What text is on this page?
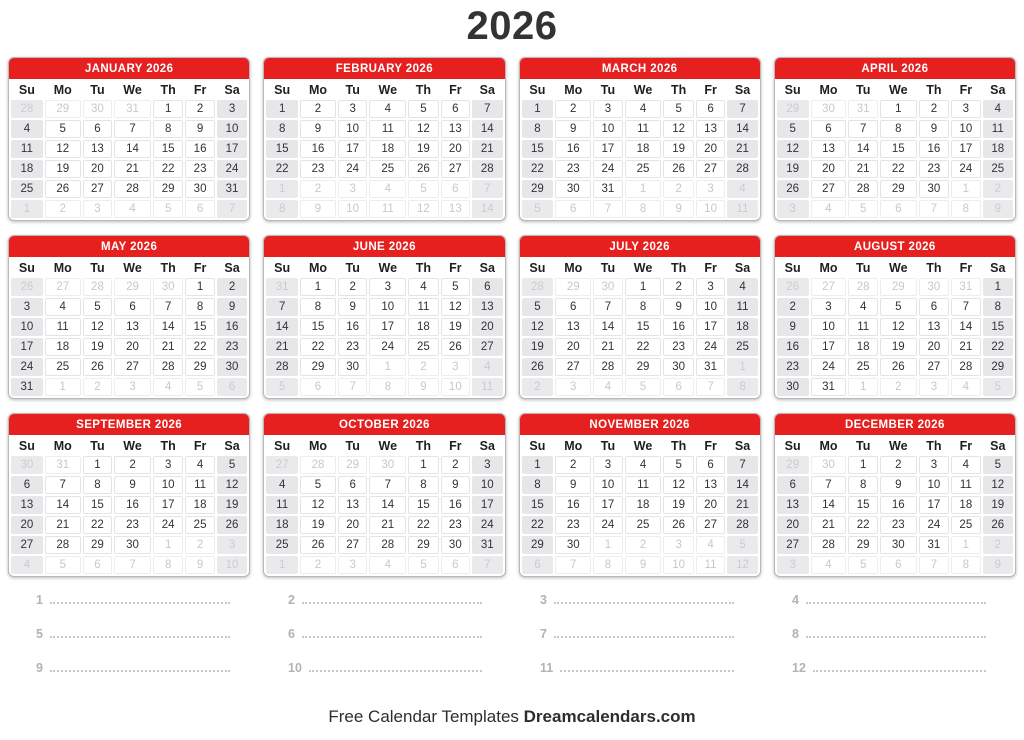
2026
JANUARY 2026
Su	Mo	Tu	We	Th	Fr	Sa
28	29	30	31	1	2	3
4	5	6	7	8	9	10
11	12	13	14	15	16	17
18	19	20	21	22	23	24
25	26	27	28	29	30	31
1	2	3	4	5	6	7
FEBRUARY 2026
Su	Mo	Tu	We	Th	Fr	Sa
1	2	3	4	5	6	7
8	9	10	11	12	13	14
15	16	17	18	19	20	21
22	23	24	25	26	27	28
1	2	3	4	5	6	7
8	9	10	11	12	13	14
MARCH 2026
Su	Mo	Tu	We	Th	Fr	Sa
1	2	3	4	5	6	7
8	9	10	11	12	13	14
15	16	17	18	19	20	21
22	23	24	25	26	27	28
29	30	31	1	2	3	4
5	6	7	8	9	10	11
APRIL 2026
Su	Mo	Tu	We	Th	Fr	Sa
29	30	31	1	2	3	4
5	6	7	8	9	10	11
12	13	14	15	16	17	18
19	20	21	22	23	24	25
26	27	28	29	30	1	2
3	4	5	6	7	8	9
MAY 2026
Su	Mo	Tu	We	Th	Fr	Sa
26	27	28	29	30	1	2
3	4	5	6	7	8	9
10	11	12	13	14	15	16
17	18	19	20	21	22	23
24	25	26	27	28	29	30
31	1	2	3	4	5	6
JUNE 2026
Su	Mo	Tu	We	Th	Fr	Sa
31	1	2	3	4	5	6
7	8	9	10	11	12	13
14	15	16	17	18	19	20
21	22	23	24	25	26	27
28	29	30	1	2	3	4
5	6	7	8	9	10	11
JULY 2026
Su	Mo	Tu	We	Th	Fr	Sa
28	29	30	1	2	3	4
5	6	7	8	9	10	11
12	13	14	15	16	17	18
19	20	21	22	23	24	25
26	27	28	29	30	31	1
2	3	4	5	6	7	8
AUGUST 2026
Su	Mo	Tu	We	Th	Fr	Sa
26	27	28	29	30	31	1
2	3	4	5	6	7	8
9	10	11	12	13	14	15
16	17	18	19	20	21	22
23	24	25	26	27	28	29
30	31	1	2	3	4	5
SEPTEMBER 2026
Su	Mo	Tu	We	Th	Fr	Sa
30	31	1	2	3	4	5
6	7	8	9	10	11	12
13	14	15	16	17	18	19
20	21	22	23	24	25	26
27	28	29	30	1	2	3
4	5	6	7	8	9	10
OCTOBER 2026
Su	Mo	Tu	We	Th	Fr	Sa
27	28	29	30	1	2	3
4	5	6	7	8	9	10
11	12	13	14	15	16	17
18	19	20	21	22	23	24
25	26	27	28	29	30	31
1	2	3	4	5	6	7
NOVEMBER 2026
Su	Mo	Tu	We	Th	Fr	Sa
1	2	3	4	5	6	7
8	9	10	11	12	13	14
15	16	17	18	19	20	21
22	23	24	25	26	27	28
29	30	1	2	3	4	5
6	7	8	9	10	11	12
DECEMBER 2026
Su	Mo	Tu	We	Th	Fr	Sa
29	30	1	2	3	4	5
6	7	8	9	10	11	12
13	14	15	16	17	18	19
20	21	22	23	24	25	26
27	28	29	30	31	1	2
3	4	5	6	7	8	9
1	2	3	4
5	6	7	8
9	10	11	12
Free Calendar Templates Dreamcalendars.com
